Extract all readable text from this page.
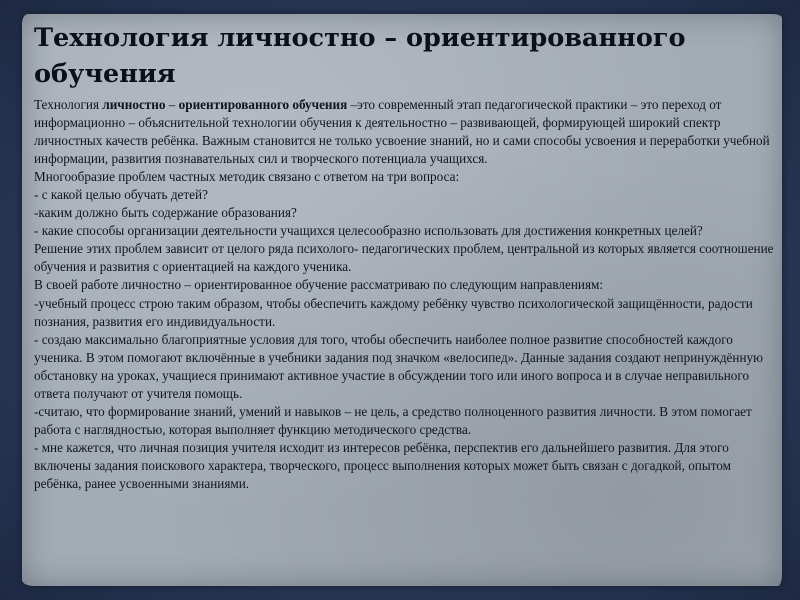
Технология личностно – ориентированного
обучения

Технология личностно – ориентированного обучения –это современный этап педагогической практики – это переход от информационно – объяснительной технологии обучения к деятельностно – развивающей, формирующей широкий спектр личностных качеств ребёнка. Важным становится не только усвоение знаний, но и сами способы усвоения и переработки учебной информации, развития познавательных сил и творческого потенциала учащихся.

Многообразие проблем частных методик связано с ответом на три вопроса:

- с какой целью обучать детей?

-каким должно быть содержание образования?

- какие способы организации деятельности учащихся целесообразно использовать для достижения конкретных целей?

Решение этих проблем зависит от целого ряда психолого- педагогических проблем, центральной из которых является соотношение обучения и развития с ориентацией на каждого ученика.

В своей работе личностно – ориентированное обучение рассматриваю по следующим направлениям:

-учебный процесс строю таким образом, чтобы обеспечить каждому ребёнку чувство психологической защищённости, радости познания, развития его индивидуальности.

- создаю максимально благоприятные условия для того, чтобы обеспечить наиболее полное развитие способностей каждого ученика. В этом помогают включённые в учебники задания под значком «велосипед». Данные задания создают непринуждённую обстановку на уроках, учащиеся принимают активное участие в обсуждении того или иного вопроса и в случае неправильного ответа получают от учителя помощь.

-считаю, что формирование знаний, умений и навыков – не цель, а средство полноценного развития личности. В этом помогает работа с наглядностью, которая выполняет функцию методического средства.

- мне кажется, что личная позиция учителя исходит из интересов ребёнка, перспектив его дальнейшего развития. Для этого включены задания поискового характера, творческого, процесс выполнения которых может быть связан с догадкой, опытом ребёнка, ранее усвоенными знаниями.
